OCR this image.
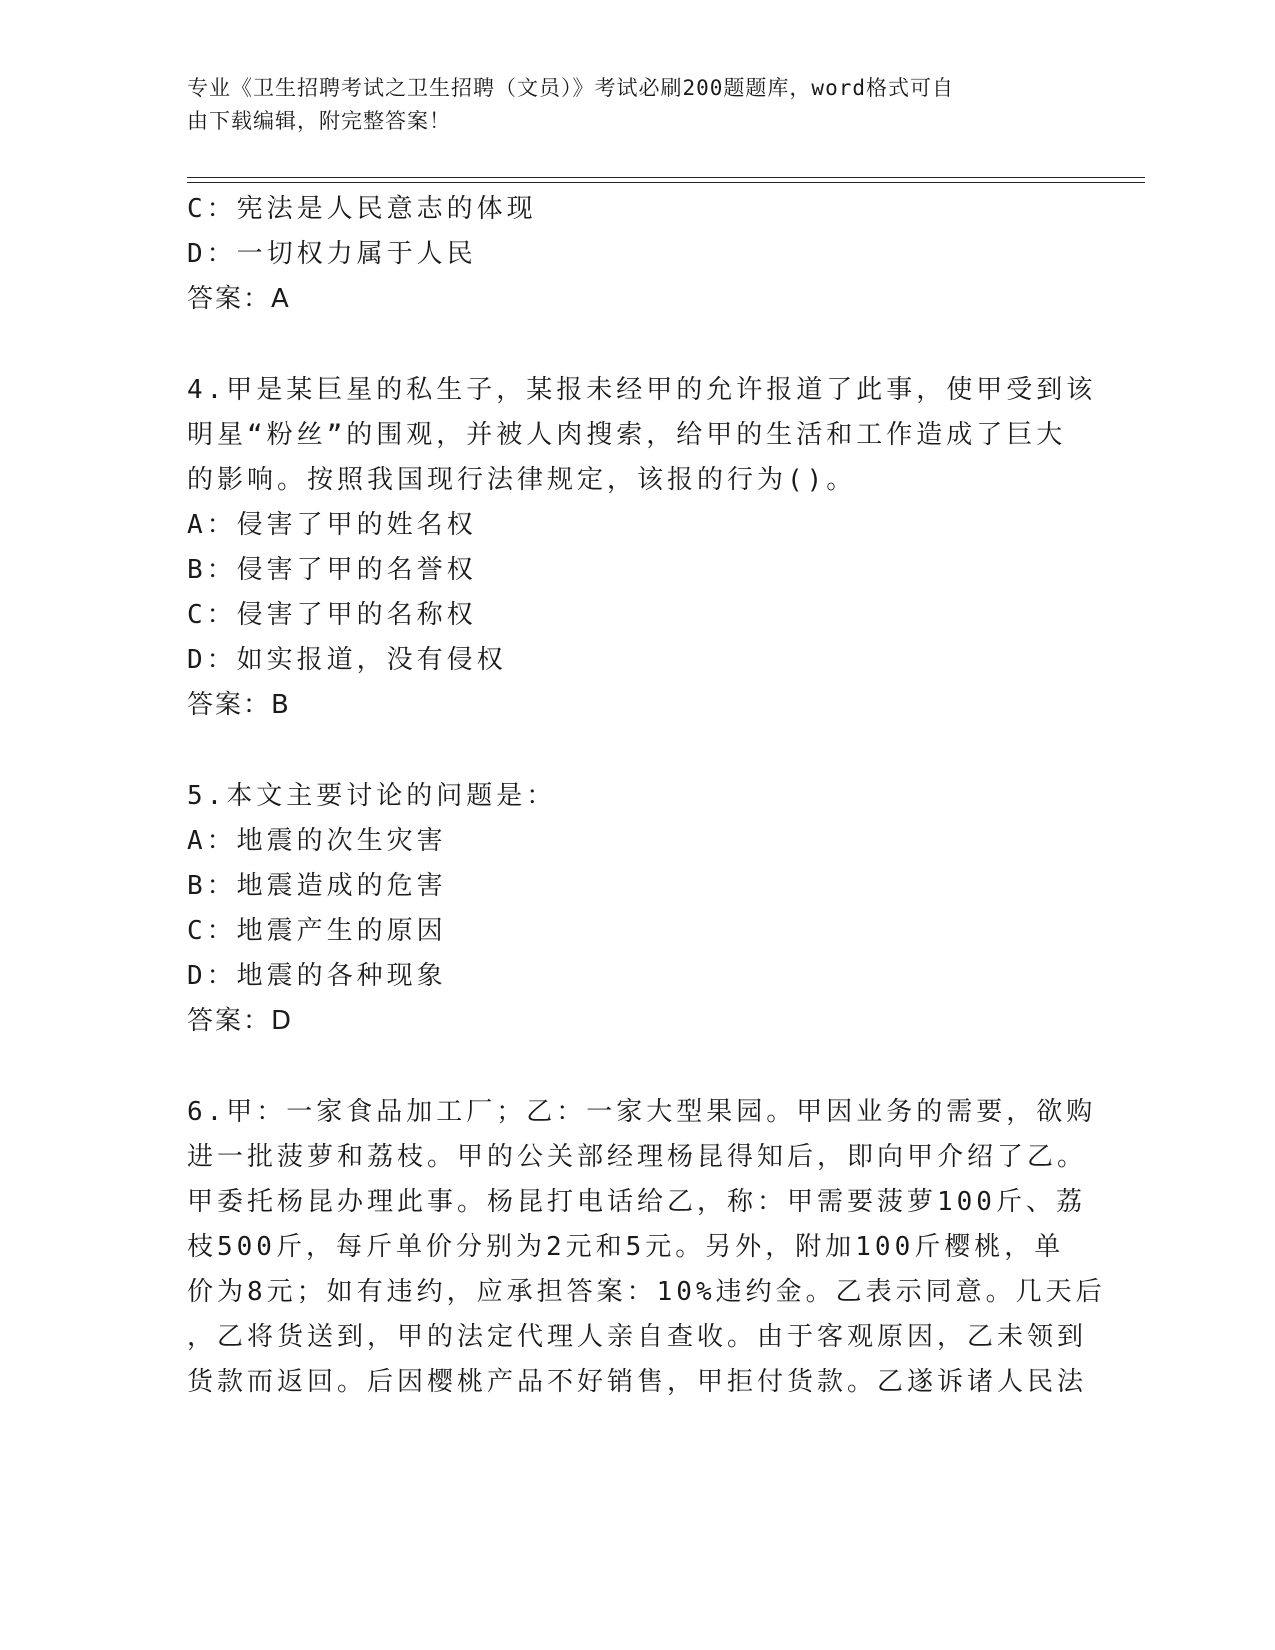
专业《卫生招聘考试之卫生招聘（文员）》考试必刷200题题库，word格式可自
由下载编辑，附完整答案！
C：宪法是人民意志的体现
D：一切权力属于人民
答案：A
4.甲是某巨星的私生子，某报未经甲的允许报道了此事，使甲受到该
明星“粉丝”的围观，并被人肉搜索，给甲的生活和工作造成了巨大
的影响。按照我国现行法律规定，该报的行为()。
A：侵害了甲的姓名权
B：侵害了甲的名誉权
C：侵害了甲的名称权
D：如实报道，没有侵权
答案：B
5.本文主要讨论的问题是：
A：地震的次生灾害
B：地震造成的危害
C：地震产生的原因
D：地震的各种现象
答案：D
6.甲：一家食品加工厂；乙：一家大型果园。甲因业务的需要，欲购
进一批菠萝和荔枝。甲的公关部经理杨昆得知后，即向甲介绍了乙。
甲委托杨昆办理此事。杨昆打电话给乙，称：甲需要菠萝100斤、荔
枝500斤，每斤单价分别为2元和5元。另外，附加100斤樱桃，单
价为8元；如有违约，应承担答案：10%违约金。乙表示同意。几天后
，乙将货送到，甲的法定代理人亲自查收。由于客观原因，乙未领到
货款而返回。后因樱桃产品不好销售，甲拒付货款。乙遂诉诸人民法
